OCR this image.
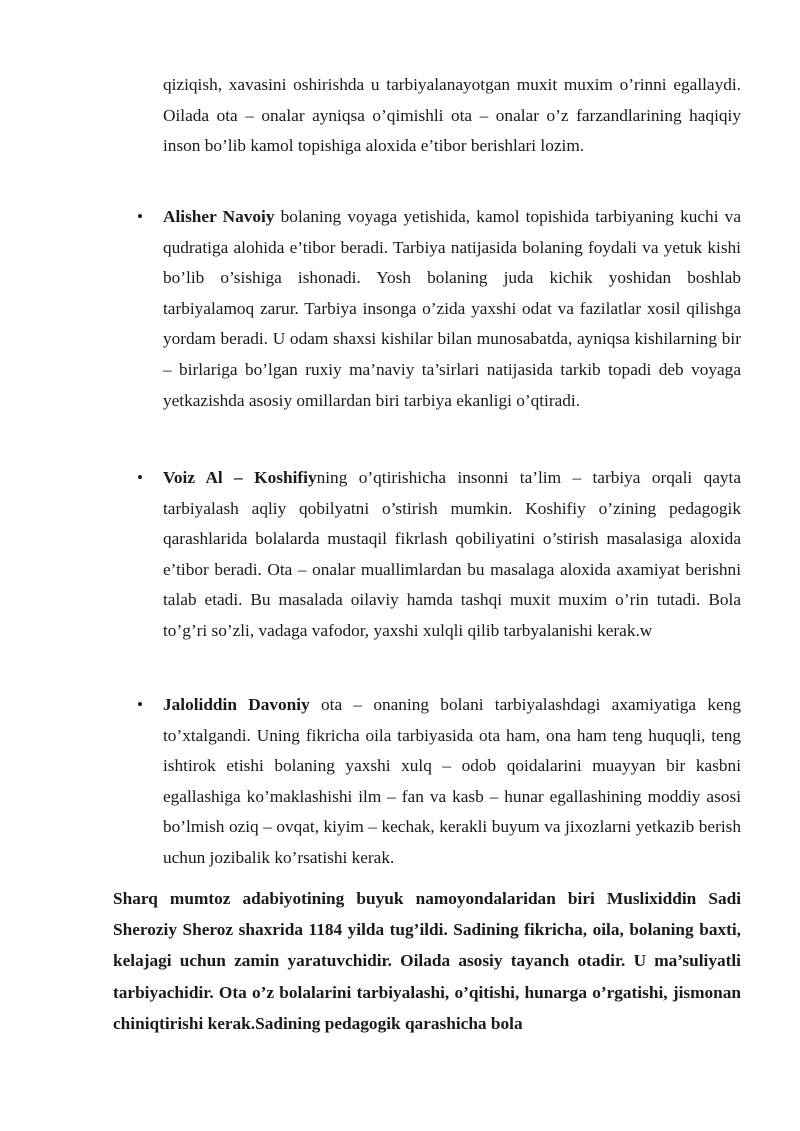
qiziqish, xavasini oshirishda u tarbiyalanayotgan muxit muxim o’rinni egallaydi. Oilada ota – onalar ayniqsa o’qimishli ota – onalar o’z farzandlarining haqiqiy inson bo’lib kamol topishiga aloxida e’tibor berishlari lozim.

• Alisher Navoiy bolaning voyaga yetishida, kamol topishida tarbiyaning kuchi va qudratiga alohida e’tibor beradi. Tarbiya natijasida bolaning foydali va yetuk kishi bo’lib o’sishiga ishonadi. Yosh bolaning juda kichik yoshidan boshlab tarbiyalamoq zarur. Tarbiya insonga o’zida yaxshi odat va fazilatlar xosil qilishga yordam beradi. U odam shaxsi kishilar bilan munosabatda, ayniqsa kishilarning bir – birlariga bo’lgan ruxiy ma’naviy ta’sirlari natijasida tarkib topadi deb voyaga yetkazishda asosiy omillardan biri tarbiya ekanligi o’qtiradi.

• Voiz Al – Koshifiyning o’qtirishicha insonni ta’lim – tarbiya orqali qayta tarbiyalash aqliy qobilyatni o’stirish mumkin. Koshifiy o’zining pedagogik qarashlarida bolalarda mustaqil fikrlash qobiliyatini o’stirish masalasiga aloxida e’tibor beradi. Ota – onalar muallimlardan bu masalaga aloxida axamiyat berishni talab etadi. Bu masalada oilaviy hamda tashqi muxit muxim o’rin tutadi. Bola to’g’ri so’zli, vadaga vafodor, yaxshi xulqli qilib tarbyalanishi kerak.w

• Jaloliddin Davoniy ota – onaning bolani tarbiyalashdagi axamiyatiga keng to’xtalgandi. Uning fikricha oila tarbiyasida ota ham, ona ham teng huquqli, teng ishtirok etishi bolaning yaxshi xulq – odob qoidalarini muayyan bir kasbni egallashiga ko’maklashishi ilm – fan va kasb – hunar egallashining moddiy asosi bo’lmish oziq – ovqat, kiyim – kechak, kerakli buyum va jixozlarni yetkazib berish uchun jozibalik ko’rsatishi kerak.

Sharq mumtoz adabiyotining buyuk namoyondalaridan biri Muslixiddin Sadi Sheroziy Sheroz shaxrida 1184 yilda tug’ildi. Sadining fikricha, oila, bolaning baxti, kelajagi uchun zamin yaratuvchidir. Oilada asosiy tayanch otadir. U ma’suliyatli tarbiyachidir. Ota o’z bolalarini tarbiyalashi, o’qitishi, hunarga o’rgatishi, jismonan chiniqtirishi kerak.Sadining pedagogik qarashicha bola
